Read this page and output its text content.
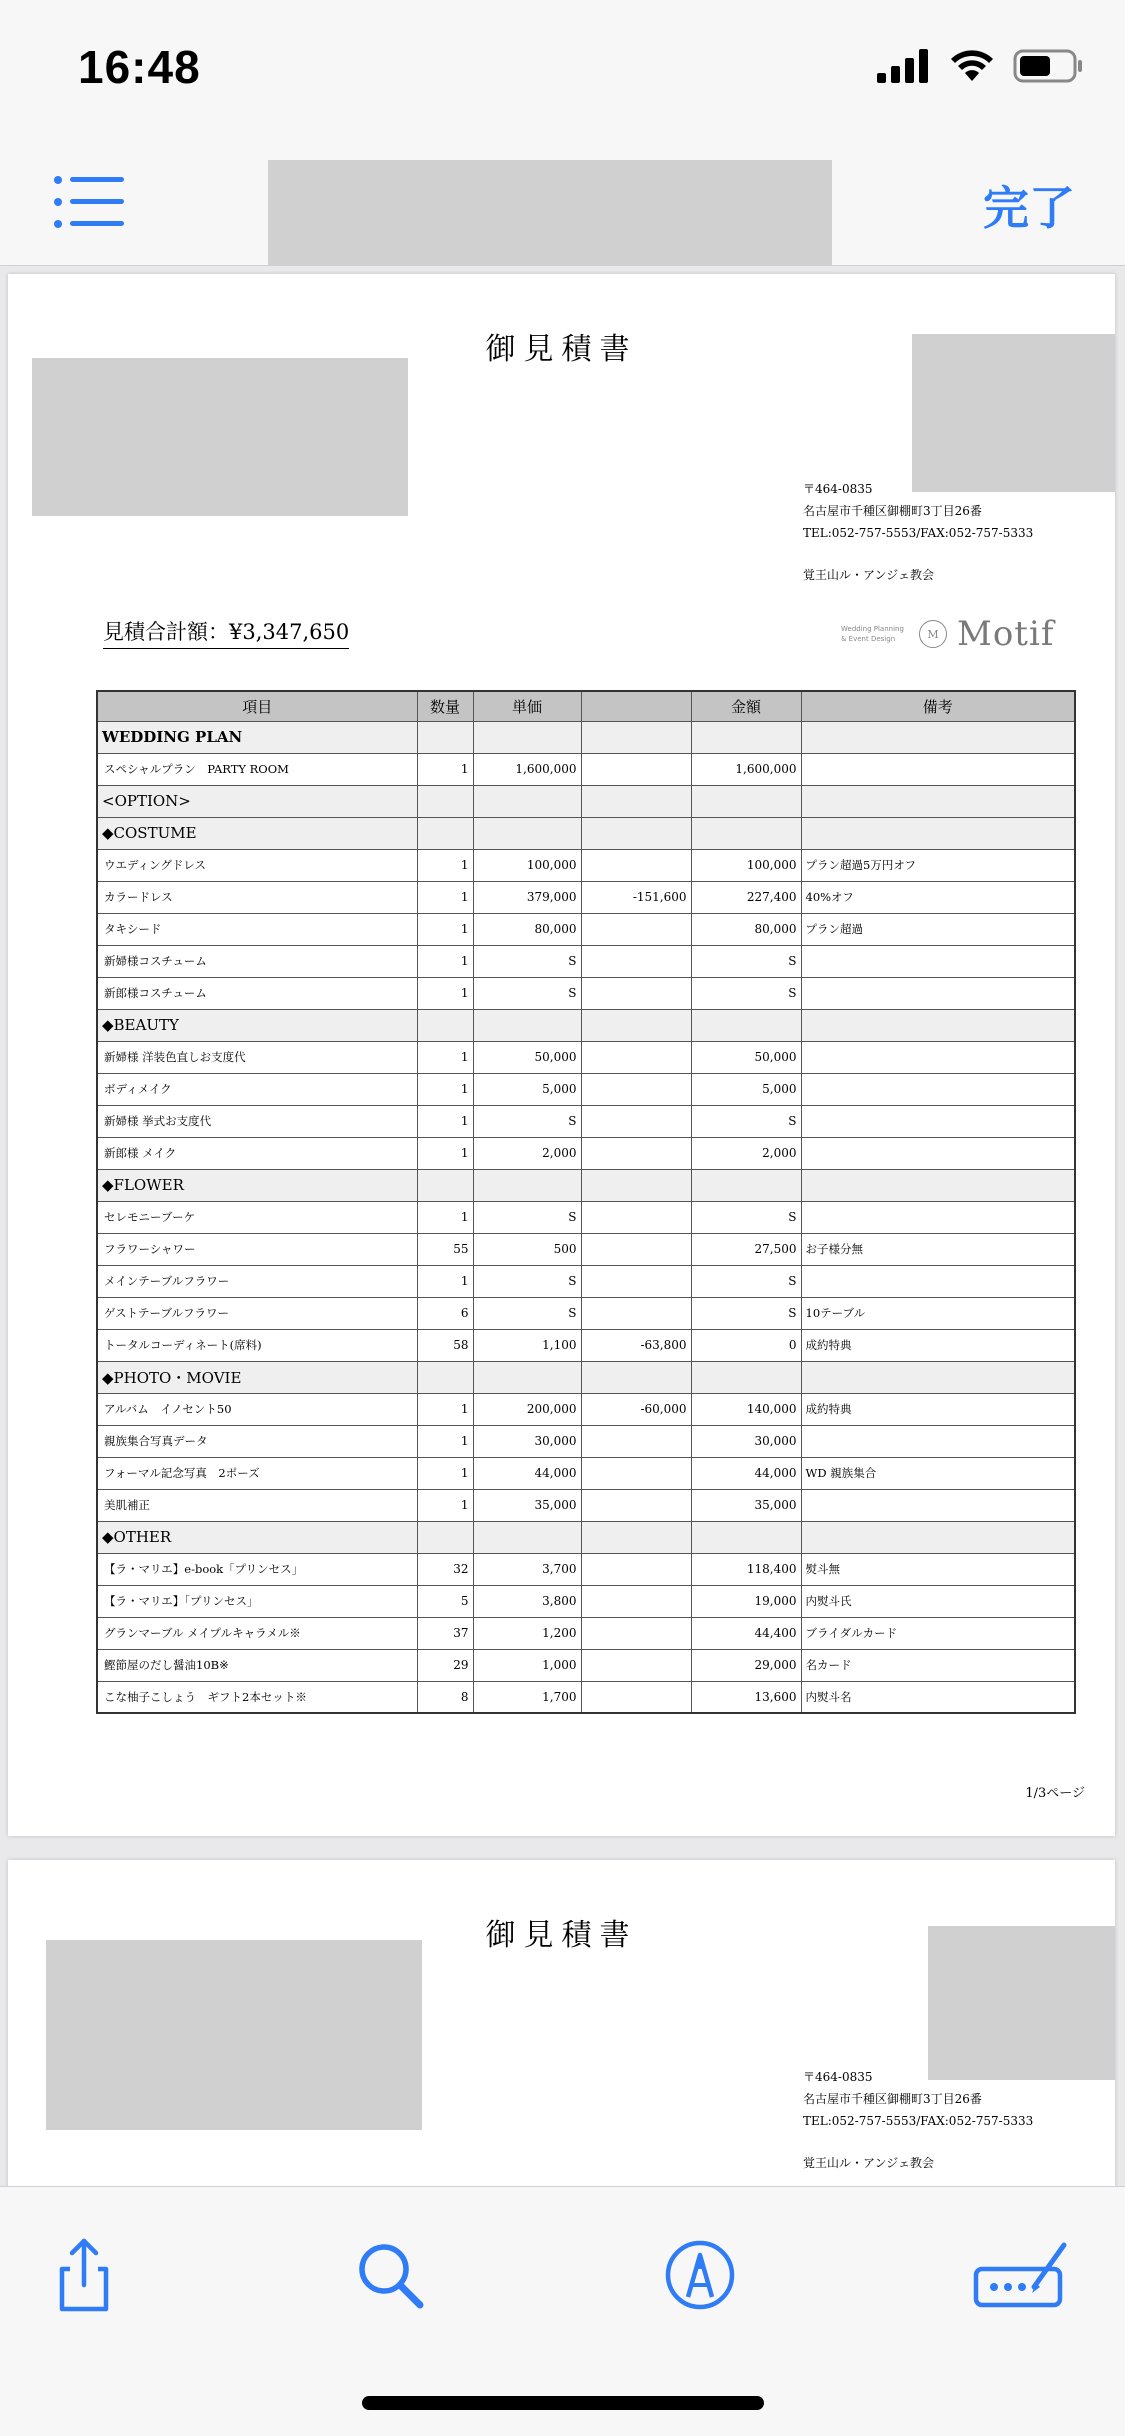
16:48
完了
御見積書
〒464-0835
名古屋市千種区御棚町3丁目26番
TEL:052-757-5553/FAX:052-757-5333
覚王山ル・アンジェ教会
見積合計額：¥3,347,650	Wedding Planning
& Event Design	M Motif
項目	数量	単価		金額	備考
WEDDING PLAN					
スペシャルプラン　PARTY ROOM	1	1,600,000		1,600,000	
<OPTION>					
◆COSTUME					
ウエディングドレス	1	100,000		100,000	プラン超過5万円オフ
カラードレス	1	379,000	-151,600	227,400	40%オフ
タキシード	1	80,000		80,000	プラン超過
新婦様コスチューム	1	S		S	
新郎様コスチューム	1	S		S	
◆BEAUTY					
新婦様 洋装色直しお支度代	1	50,000		50,000	
ボディメイク	1	5,000		5,000	
新婦様 挙式お支度代	1	S		S	
新郎様 メイク	1	2,000		2,000	
◆FLOWER					
セレモニーブーケ	1	S		S	
フラワーシャワー	55	500		27,500	お子様分無
メインテーブルフラワー	1	S		S	
ゲストテーブルフラワー	6	S		S	10テーブル
トータルコーディネート(席料)	58	1,100	-63,800	0	成約特典
◆PHOTO・MOVIE					
アルバム　イノセント50	1	200,000	-60,000	140,000	成約特典
親族集合写真データ	1	30,000		30,000	
フォーマル記念写真　2ポーズ	1	44,000		44,000	WD 親族集合
美肌補正	1	35,000		35,000	
◆OTHER					
【ラ・マリエ】e-book「プリンセス」	32	3,700		118,400	熨斗無
【ラ・マリエ】「プリンセス」	5	3,800		19,000	内熨斗氏
グランマーブル メイプルキャラメル※	37	1,200		44,400	ブライダルカード
鰹節屋のだし醤油10B※	29	1,000		29,000	名カード
こな柚子こしょう　ギフト2本セット※	8	1,700		13,600	内熨斗名
1/3ページ
御見積書
〒464-0835
名古屋市千種区御棚町3丁目26番
TEL:052-757-5553/FAX:052-757-5333
覚王山ル・アンジェ教会
